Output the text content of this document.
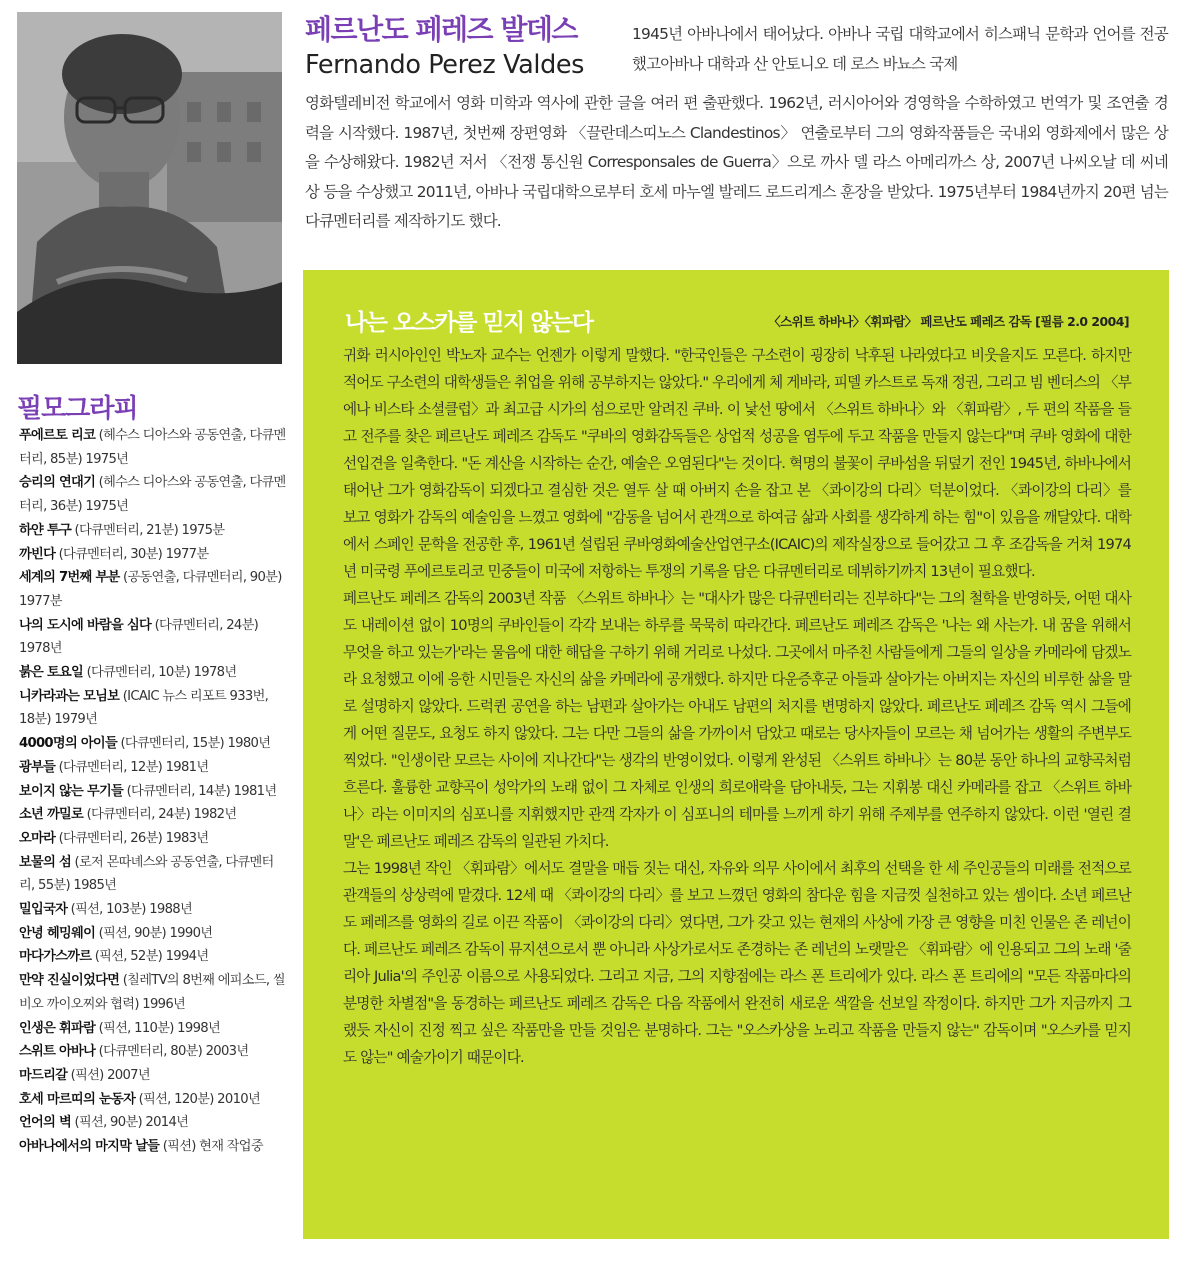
필모그라피
푸에르토 리코 (헤수스 디아스와 공동연출, 다큐멘터리, 85분) 1975년
승리의 연대기 (헤수스 디아스와 공동연출, 다큐멘터리, 36분) 1975년
하얀 투구 (다큐멘터리, 21분) 1975분
까빈다 (다큐멘터리, 30분) 1977분
세계의 7번째 부분 (공동연출, 다큐멘터리, 90분) 1977분
나의 도시에 바람을 심다 (다큐멘터리, 24분) 1978년
붉은 토요일 (다큐멘터리, 10분) 1978년
니카라과는 모님보 (ICAIC 뉴스 리포트 933번, 18분) 1979년
4000명의 아이들 (다큐멘터리, 15분) 1980년
광부들 (다큐멘터리, 12분) 1981년
보이지 않는 무기들 (다큐멘터리, 14분) 1981년
소년 까밀로 (다큐멘터리, 24분) 1982년
오마라 (다큐멘터리, 26분) 1983년
보물의 섬 (로저 몬따녜스와 공동연출, 다큐멘터리, 55분) 1985년
밀입국자 (픽션, 103분) 1988년
안녕 헤밍웨이 (픽션, 90분) 1990년
마다가스까르 (픽션, 52분) 1994년
만약 진실이었다면 (칠레TV의 8번째 에피소드, 씰비오 까이오찌와 협력) 1996년
인생은 휘파람 (픽션, 110분) 1998년
스위트 아바나 (다큐멘터리, 80분) 2003년
마드리갈 (픽션) 2007년
호세 마르띠의 눈동자 (픽션, 120분) 2010년
언어의 벽 (픽션, 90분) 2014년
아바나에서의 마지막 날들 (픽션) 현재 작업중
페르난도 페레즈 발데스
Fernando Perez Valdes

1945년 아바나에서 태어났다. 아바나 국립 대학교에서 히스패닉 문학과 언어를 전공했고아바나 대학과 산 안토니오 데 로스 바뇨스 국제

영화텔레비전 학교에서 영화 미학과 역사에 관한 글을 여러 편 출판했다. 1962년, 러시아어와 경영학을 수학하였고 번역가 및 조연출 경력을 시작했다. 1987년, 첫번째 장편영화 〈끌란데스띠노스 Clandestinos〉 연출로부터 그의 영화작품들은 국내외 영화제에서 많은 상을 수상해왔다. 1982년 저서 〈전쟁 통신원 Corresponsales de Guerra〉으로 까사 델 라스 아메리까스 상, 2007년 나씨오날 데 씨네 상 등을 수상했고 2011년, 아바나 국립대학으로부터 호세 마누엘 발레드 로드리게스 훈장을 받았다. 1975년부터 1984년까지 20편 넘는 다큐멘터리를 제작하기도 했다.

나는 오스카를 믿지 않는다	〈스위트 하바나〉〈휘파람〉 페르난도 페레즈 감독 [필름 2.0 2004]

귀화 러시아인인 박노자 교수는 언젠가 이렇게 말했다. "한국인들은 구소련이 굉장히 낙후된 나라였다고 비웃을지도 모른다. 하지만 적어도 구소련의 대학생들은 취업을 위해 공부하지는 않았다." 우리에게 체 게바라, 피델 카스트로 독재 정권, 그리고 빔 벤더스의 〈부에나 비스타 소셜클럽〉과 최고급 시가의 섬으로만 알려진 쿠바. 이 낯선 땅에서 〈스위트 하바나〉와 〈휘파람〉, 두 편의 작품을 들고 전주를 찾은 페르난도 페레즈 감독도 "쿠바의 영화감독들은 상업적 성공을 염두에 두고 작품을 만들지 않는다"며 쿠바 영화에 대한 선입견을 일축한다. "돈 계산을 시작하는 순간, 예술은 오염된다"는 것이다. 혁명의 불꽃이 쿠바섬을 뒤덮기 전인 1945년, 하바나에서 태어난 그가 영화감독이 되겠다고 결심한 것은 열두 살 때 아버지 손을 잡고 본 〈콰이강의 다리〉덕분이었다. 〈콰이강의 다리〉를 보고 영화가 감독의 예술임을 느꼈고 영화에 "감동을 넘어서 관객으로 하여금 삶과 사회를 생각하게 하는 힘"이 있음을 깨달았다. 대학에서 스페인 문학을 전공한 후, 1961년 설립된 쿠바영화예술산업연구소(ICAIC)의 제작실장으로 들어갔고 그 후 조감독을 거쳐 1974년 미국령 푸에르토리코 민중들이 미국에 저항하는 투쟁의 기록을 담은 다큐멘터리로 데뷔하기까지 13년이 필요했다.

페르난도 페레즈 감독의 2003년 작품 〈스위트 하바나〉는 "대사가 많은 다큐멘터리는 진부하다"는 그의 철학을 반영하듯, 어떤 대사도 내레이션 없이 10명의 쿠바인들이 각각 보내는 하루를 묵묵히 따라간다. 페르난도 페레즈 감독은 '나는 왜 사는가. 내 꿈을 위해서 무엇을 하고 있는가'라는 물음에 대한 해답을 구하기 위해 거리로 나섰다. 그곳에서 마주친 사람들에게 그들의 일상을 카메라에 담겠노라 요청했고 이에 응한 시민들은 자신의 삶을 카메라에 공개했다. 하지만 다운증후군 아들과 살아가는 아버지는 자신의 비루한 삶을 말로 설명하지 않았다. 드럭퀸 공연을 하는 남편과 살아가는 아내도 남편의 처지를 변명하지 않았다. 페르난도 페레즈 감독 역시 그들에게 어떤 질문도, 요청도 하지 않았다. 그는 다만 그들의 삶을 가까이서 담았고 때로는 당사자들이 모르는 채 넘어가는 생활의 주변부도 찍었다. "인생이란 모르는 사이에 지나간다"는 생각의 반영이었다. 이렇게 완성된 〈스위트 하바나〉는 80분 동안 하나의 교향곡처럼 흐른다. 훌륭한 교향곡이 성악가의 노래 없이 그 자체로 인생의 희로애락을 담아내듯, 그는 지휘봉 대신 카메라를 잡고 〈스위트 하바나〉라는 이미지의 심포니를 지휘했지만 관객 각자가 이 심포니의 테마를 느끼게 하기 위해 주제부를 연주하지 않았다. 이런 '열린 결말'은 페르난도 페레즈 감독의 일관된 가치다.

그는 1998년 작인 〈휘파람〉에서도 결말을 매듭 짓는 대신, 자유와 의무 사이에서 최후의 선택을 한 세 주인공들의 미래를 전적으로 관객들의 상상력에 맡겼다. 12세 때 〈콰이강의 다리〉를 보고 느꼈던 영화의 참다운 힘을 지금껏 실천하고 있는 셈이다. 소년 페르난도 페레즈를 영화의 길로 이끈 작품이 〈콰이강의 다리〉였다면, 그가 갖고 있는 현재의 사상에 가장 큰 영향을 미친 인물은 존 레넌이다. 페르난도 페레즈 감독이 뮤지션으로서 뿐 아니라 사상가로서도 존경하는 존 레넌의 노랫말은 〈휘파람〉에 인용되고 그의 노래 '줄리아 Julia'의 주인공 이름으로 사용되었다. 그리고 지금, 그의 지향점에는 라스 폰 트리에가 있다. 라스 폰 트리에의 "모든 작품마다의 분명한 차별점"을 동경하는 페르난도 페레즈 감독은 다음 작품에서 완전히 새로운 색깔을 선보일 작정이다. 하지만 그가 지금까지 그랬듯 자신이 진정 찍고 싶은 작품만을 만들 것임은 분명하다. 그는 "오스카상을 노리고 작품을 만들지 않는" 감독이며 "오스카를 믿지도 않는" 예술가이기 때문이다.
